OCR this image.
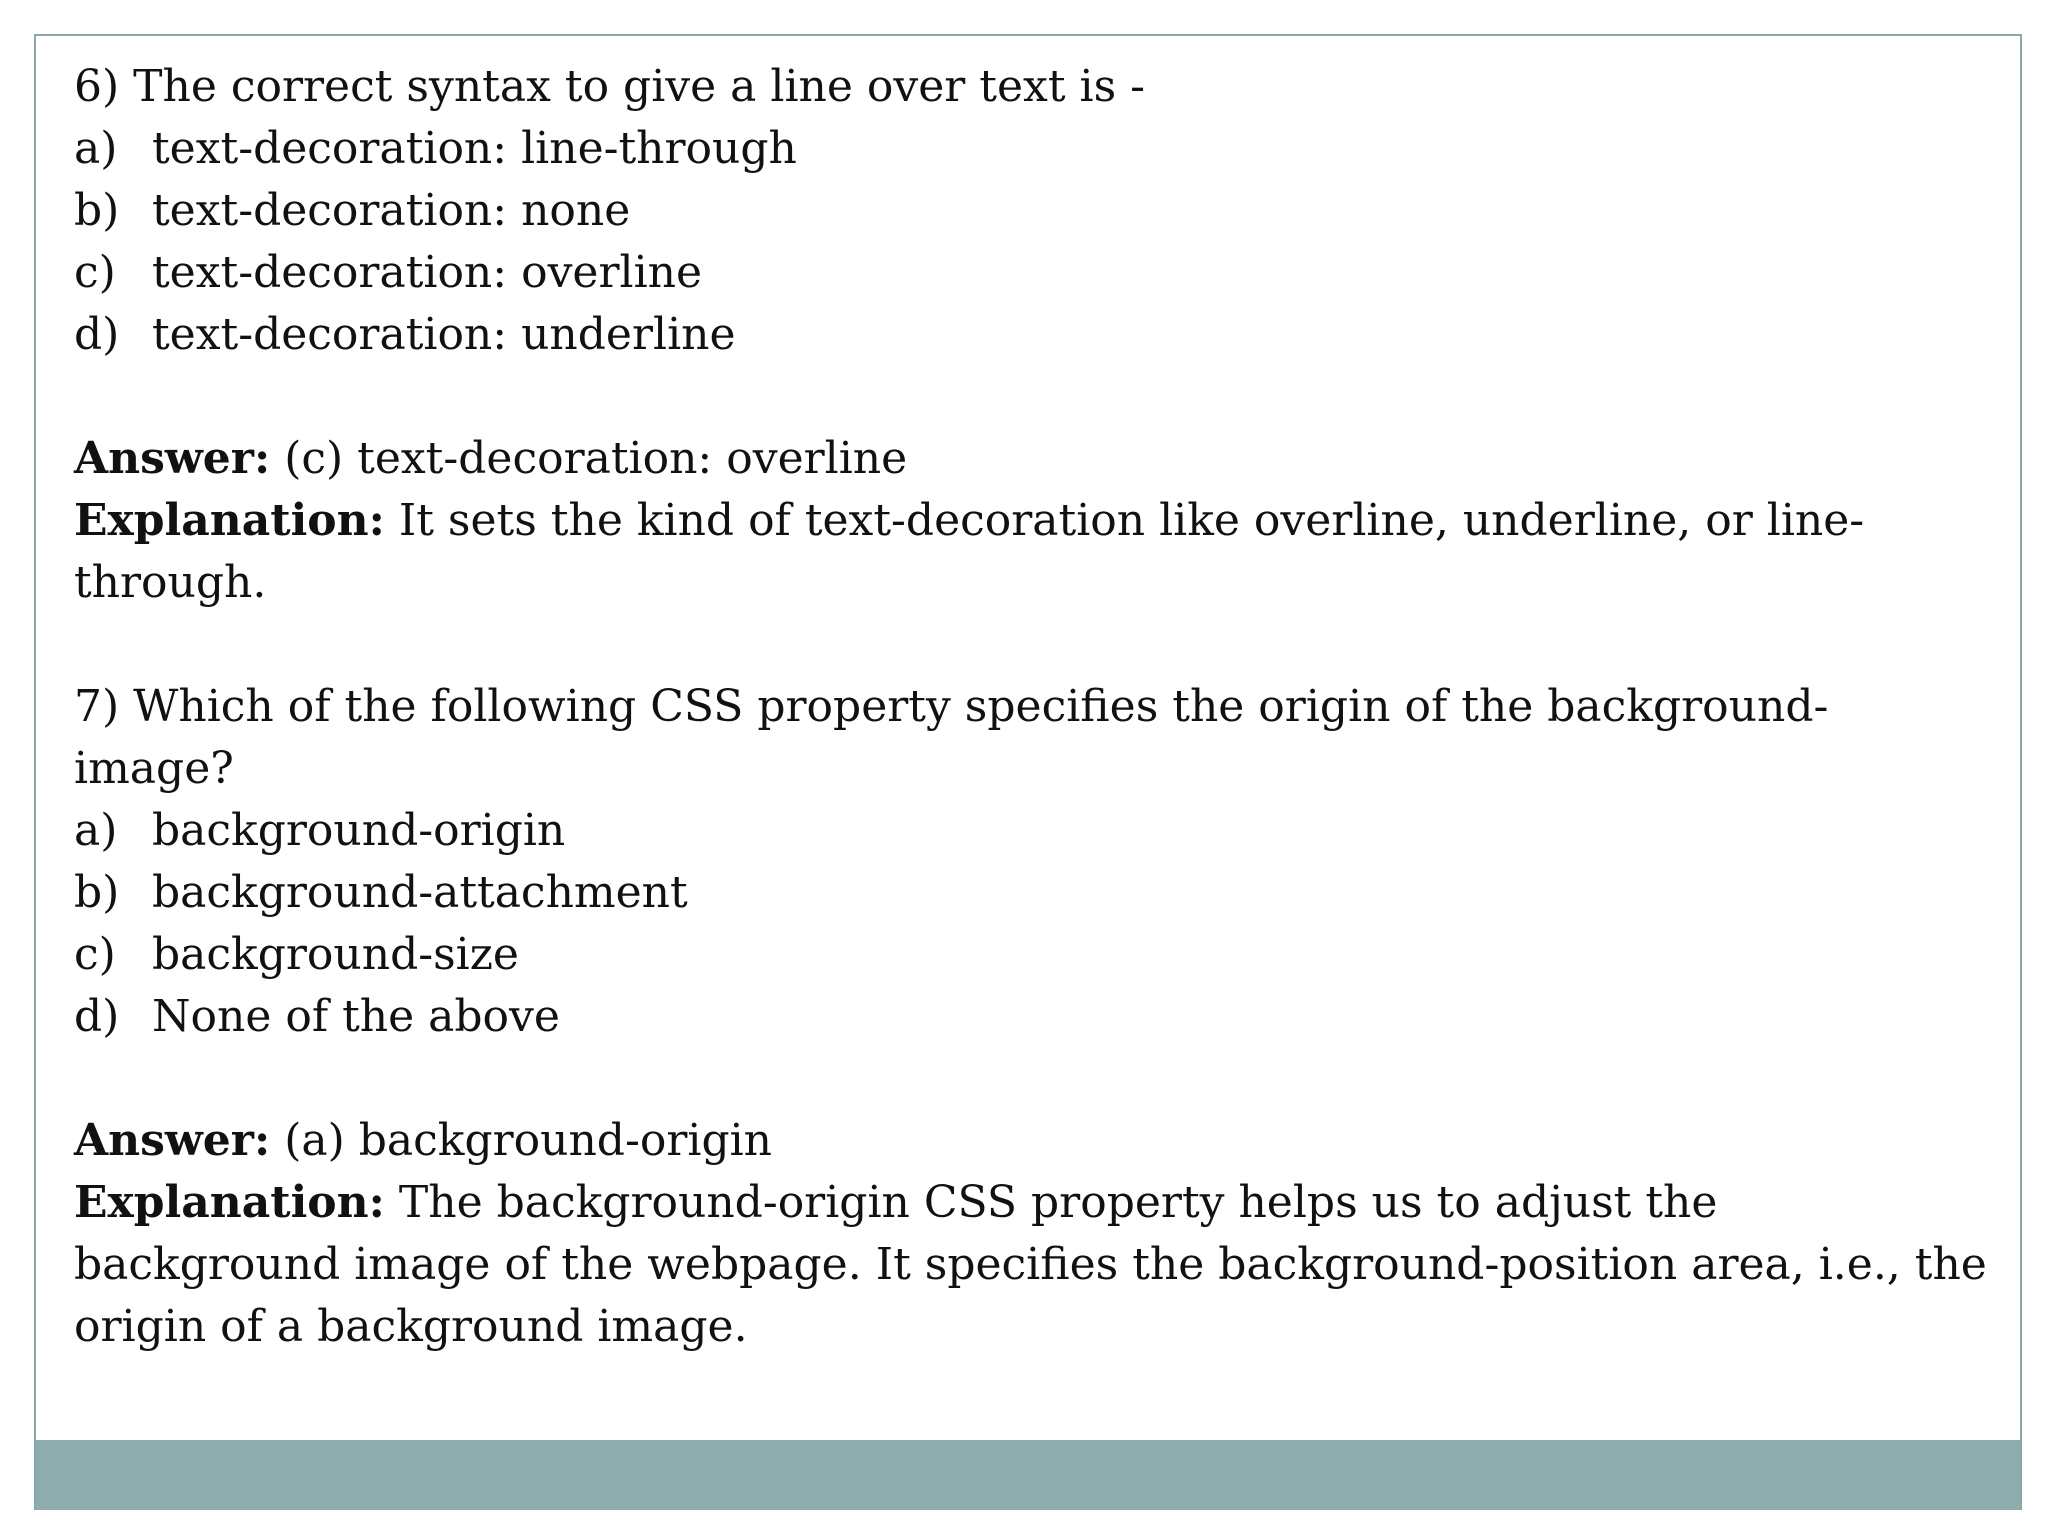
6) The correct syntax to give a line over text is -
a) text-decoration: line-through
b) text-decoration: none
c) text-decoration: overline
d) text-decoration: underline
Answer: (c) text-decoration: overline
Explanation: It sets the kind of text-decoration like overline, underline, or line-
through.
7) Which of the following CSS property specifies the origin of the background-
image?
a) background-origin
b) background-attachment
c) background-size
d) None of the above
Answer: (a) background-origin
Explanation: The background-origin CSS property helps us to adjust the
background image of the webpage. It specifies the background-position area, i.e., the
origin of a background image.
